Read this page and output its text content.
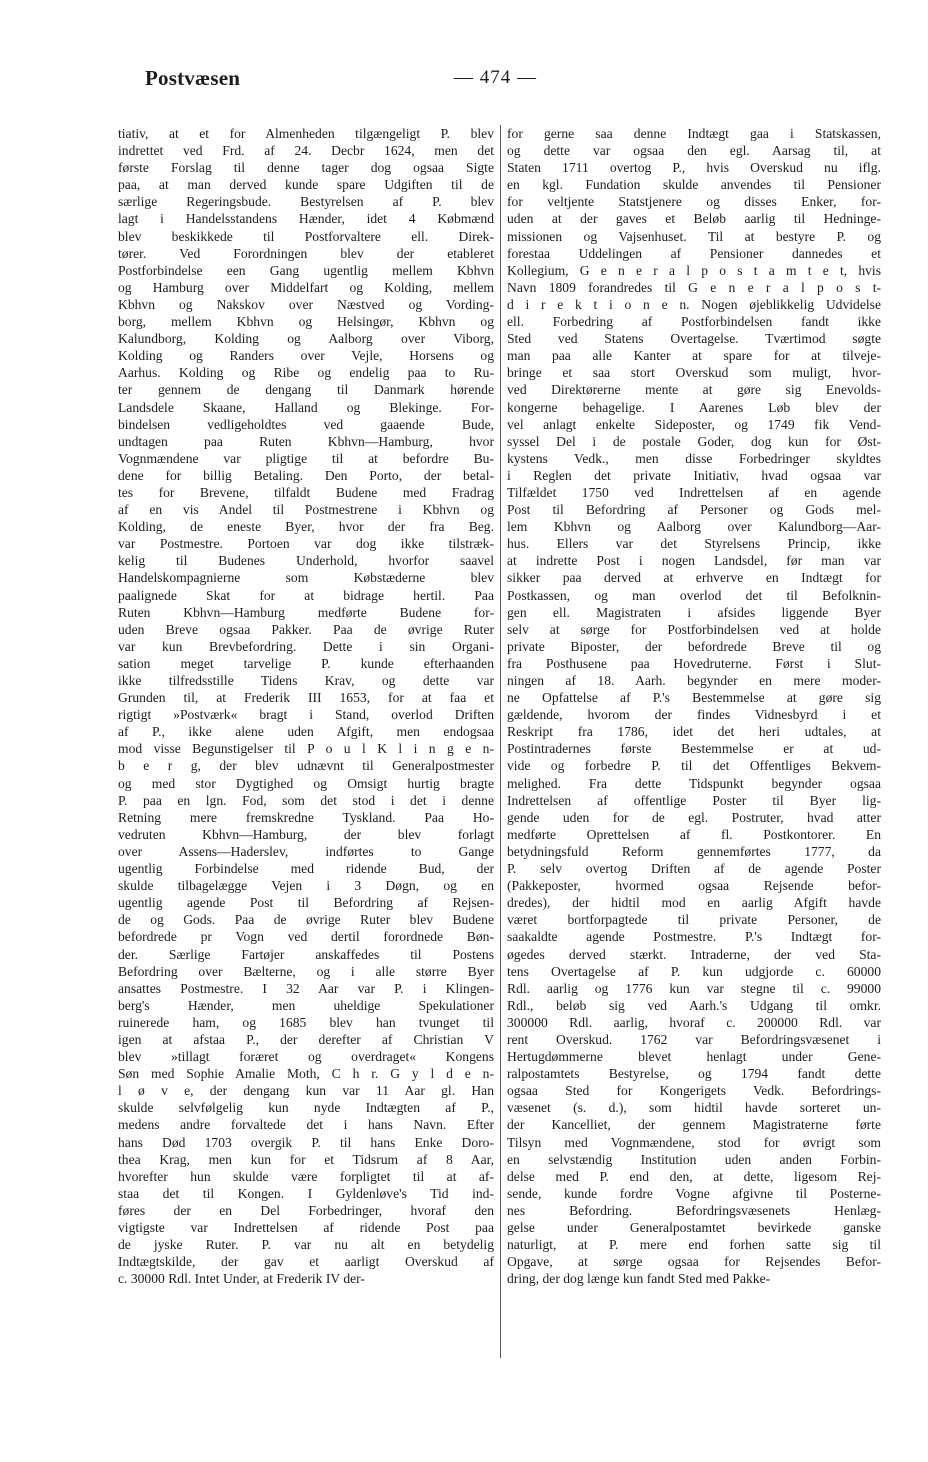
Postvæsen	— 474 —
tiativ, at et for Almenheden tilgængeligt P. blev
indrettet ved Frd. af 24. Decbr 1624, men det
første Forslag til denne tager dog ogsaa Sigte
paa, at man derved kunde spare Udgiften til de
særlige Regeringsbude. Bestyrelsen af P. blev
lagt i Handelsstandens Hænder, idet 4 Købmænd
blev beskikkede til Postforvaltere ell. Direk-
tører. Ved Forordningen blev der etableret
Postforbindelse een Gang ugentlig mellem Kbhvn
og Hamburg over Middelfart og Kolding, mellem
Kbhvn og Nakskov over Næstved og Vording-
borg, mellem Kbhvn og Helsingør, Kbhvn og
Kalundborg, Kolding og Aalborg over Viborg,
Kolding og Randers over Vejle, Horsens og
Aarhus. Kolding og Ribe og endelig paa to Ru-
ter gennem de dengang til Danmark hørende
Landsdele Skaane, Halland og Blekinge. For-
bindelsen vedligeholdtes ved gaaende Bude,
undtagen paa Ruten Kbhvn—Hamburg, hvor
Vognmændene var pligtige til at befordre Bu-
dene for billig Betaling. Den Porto, der betal-
tes for Brevene, tilfaldt Budene med Fradrag
af en vis Andel til Postmestrene i Kbhvn og
Kolding, de eneste Byer, hvor der fra Beg.
var Postmestre. Portoen var dog ikke tilstræk-
kelig til Budenes Underhold, hvorfor saavel
Handelskompagnierne som Købstæderne blev
paalignede Skat for at bidrage hertil. Paa
Ruten Kbhvn—Hamburg medførte Budene for-
uden Breve ogsaa Pakker. Paa de øvrige Ruter
var kun Brevbefordring. Dette i sin Organi-
sation meget tarvelige P. kunde efterhaanden
ikke tilfredsstille Tidens Krav, og dette var
Grunden til, at Frederik III 1653, for at faa et
rigtigt »Postværk« bragt i Stand, overlod Driften
af P., ikke alene uden Afgift, men endogsaa
mod visse Begunstigelser til P o u l K l i n g e n-
b e r g, der blev udnævnt til Generalpostmester
og med stor Dygtighed og Omsigt hurtig bragte
P. paa en lgn. Fod, som det stod i det i denne
Retning mere fremskredne Tyskland. Paa Ho-
vedruten Kbhvn—Hamburg, der blev forlagt
over Assens—Haderslev, indførtes to Gange
ugentlig Forbindelse med ridende Bud, der
skulde tilbagelægge Vejen i 3 Døgn, og en
ugentlig agende Post til Befordring af Rejsen-
de og Gods. Paa de øvrige Ruter blev Budene
befordrede pr Vogn ved dertil forordnede Bøn-
der. Særlige Fartøjer anskaffedes til Postens
Befordring over Bælterne, og i alle større Byer
ansattes Postmestre. I 32 Aar var P. i Klingen-
berg's Hænder, men uheldige Spekulationer
ruinerede ham, og 1685 blev han tvunget til
igen at afstaa P., der derefter af Christian V
blev »tillagt foræret og overdraget« Kongens
Søn med Sophie Amalie Moth, C h r. G y l d e n-
l ø v e, der dengang kun var 11 Aar gl. Han
skulde selvfølgelig kun nyde Indtægten af P.,
medens andre forvaltede det i hans Navn. Efter
hans Død 1703 overgik P. til hans Enke Doro-
thea Krag, men kun for et Tidsrum af 8 Aar,
hvorefter hun skulde være forpligtet til at af-
staa det til Kongen. I Gyldenløve's Tid ind-
føres der en Del Forbedringer, hvoraf den
vigtigste var Indrettelsen af ridende Post paa
de jyske Ruter. P. var nu alt en betydelig
Indtægtskilde, der gav et aarligt Overskud af
c. 30000 Rdl. Intet Under, at Frederik IV der-
for gerne saa denne Indtægt gaa i Statskassen,
og dette var ogsaa den egl. Aarsag til, at
Staten 1711 overtog P., hvis Overskud nu iflg.
en kgl. Fundation skulde anvendes til Pensioner
for veltjente Statstjenere og disses Enker, for-
uden at der gaves et Beløb aarlig til Hedninge-
missionen og Vajsenhuset. Til at bestyre P. og
forestaa Uddelingen af Pensioner dannedes et
Kollegium, G e n e r a l p o s t a m t e t, hvis
Navn 1809 forandredes til G e n e r a l p o s t-
d i r e k t i o n e n. Nogen øjeblikkelig Udvidelse
ell. Forbedring af Postforbindelsen fandt ikke
Sted ved Statens Overtagelse. Tværtimod søgte
man paa alle Kanter at spare for at tilveje-
bringe et saa stort Overskud som muligt, hvor-
ved Direktørerne mente at gøre sig Enevolds-
kongerne behagelige. I Aarenes Løb blev der
vel anlagt enkelte Sideposter, og 1749 fik Vend-
syssel Del i de postale Goder, dog kun for Øst-
kystens Vedk., men disse Forbedringer skyldtes
i Reglen det private Initiativ, hvad ogsaa var
Tilfældet 1750 ved Indrettelsen af en agende
Post til Befordring af Personer og Gods mel-
lem Kbhvn og Aalborg over Kalundborg—Aar-
hus. Ellers var det Styrelsens Princip, ikke
at indrette Post i nogen Landsdel, før man var
sikker paa derved at erhverve en Indtægt for
Postkassen, og man overlod det til Befolknin-
gen ell. Magistraten i afsides liggende Byer
selv at sørge for Postforbindelsen ved at holde
private Biposter, der befordrede Breve til og
fra Posthusene paa Hovedruterne. Først i Slut-
ningen af 18. Aarh. begynder en mere moder-
ne Opfattelse af P.'s Bestemmelse at gøre sig
gældende, hvorom der findes Vidnesbyrd i et
Reskript fra 1786, idet det heri udtales, at
Postintradernes første Bestemmelse er at ud-
vide og forbedre P. til det Offentliges Bekvem-
melighed. Fra dette Tidspunkt begynder ogsaa
Indrettelsen af offentlige Poster til Byer lig-
gende uden for de egl. Postruter, hvad atter
medførte Oprettelsen af fl. Postkontorer. En
betydningsfuld Reform gennemførtes 1777, da
P. selv overtog Driften af de agende Poster
(Pakkeposter, hvormed ogsaa Rejsende befor-
dredes), der hidtil mod en aarlig Afgift havde
været bortforpagtede til private Personer, de
saakaldte agende Postmestre. P.'s Indtægt for-
øgedes derved stærkt. Intraderne, der ved Sta-
tens Overtagelse af P. kun udgjorde c. 60000
Rdl. aarlig og 1776 kun var stegne til c. 99000
Rdl., beløb sig ved Aarh.'s Udgang til omkr.
300000 Rdl. aarlig, hvoraf c. 200000 Rdl. var
rent Overskud. 1762 var Befordringsvæsenet i
Hertugdømmerne blevet henlagt under Gene-
ralpostamtets Bestyrelse, og 1794 fandt dette
ogsaa Sted for Kongerigets Vedk. Befordrings-
væsenet (s. d.), som hidtil havde sorteret un-
der Kancelliet, der gennem Magistraterne førte
Tilsyn med Vognmændene, stod for øvrigt som
en selvstændig Institution uden anden Forbin-
delse med P. end den, at dette, ligesom Rej-
sende, kunde fordre Vogne afgivne til Posterne-
nes Befordring. Befordringsvæsenets Henlæg-
gelse under Generalpostamtet bevirkede ganske
naturligt, at P. mere end forhen satte sig til
Opgave, at sørge ogsaa for Rejsendes Befor-
dring, der dog længe kun fandt Sted med Pakke-
